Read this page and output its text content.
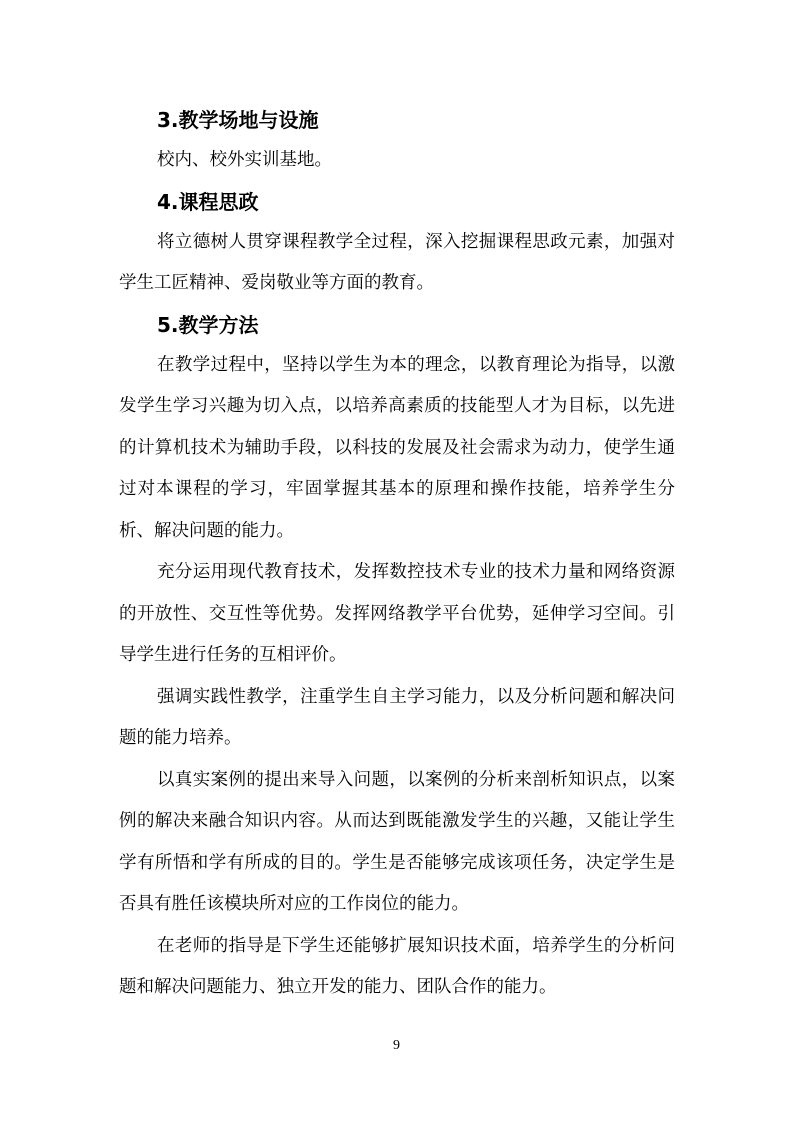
3.教学场地与设施

校内、校外实训基地。

4.课程思政

将立德树人贯穿课程教学全过程，深入挖掘课程思政元素，加强对学生工匠精神、爱岗敬业等方面的教育。

5.教学方法

在教学过程中，坚持以学生为本的理念，以教育理论为指导，以激发学生学习兴趣为切入点，以培养高素质的技能型人才为目标，以先进的计算机技术为辅助手段，以科技的发展及社会需求为动力，使学生通过对本课程的学习，牢固掌握其基本的原理和操作技能，培养学生分析、解决问题的能力。

充分运用现代教育技术，发挥数控技术专业的技术力量和网络资源的开放性、交互性等优势。发挥网络教学平台优势，延伸学习空间。引导学生进行任务的互相评价。

强调实践性教学，注重学生自主学习能力，以及分析问题和解决问题的能力培养。

以真实案例的提出来导入问题，以案例的分析来剖析知识点，以案例的解决来融合知识内容。从而达到既能激发学生的兴趣，又能让学生学有所悟和学有所成的目的。学生是否能够完成该项任务，决定学生是否具有胜任该模块所对应的工作岗位的能力。

在老师的指导是下学生还能够扩展知识技术面，培养学生的分析问题和解决问题能力、独立开发的能力、团队合作的能力。

9
